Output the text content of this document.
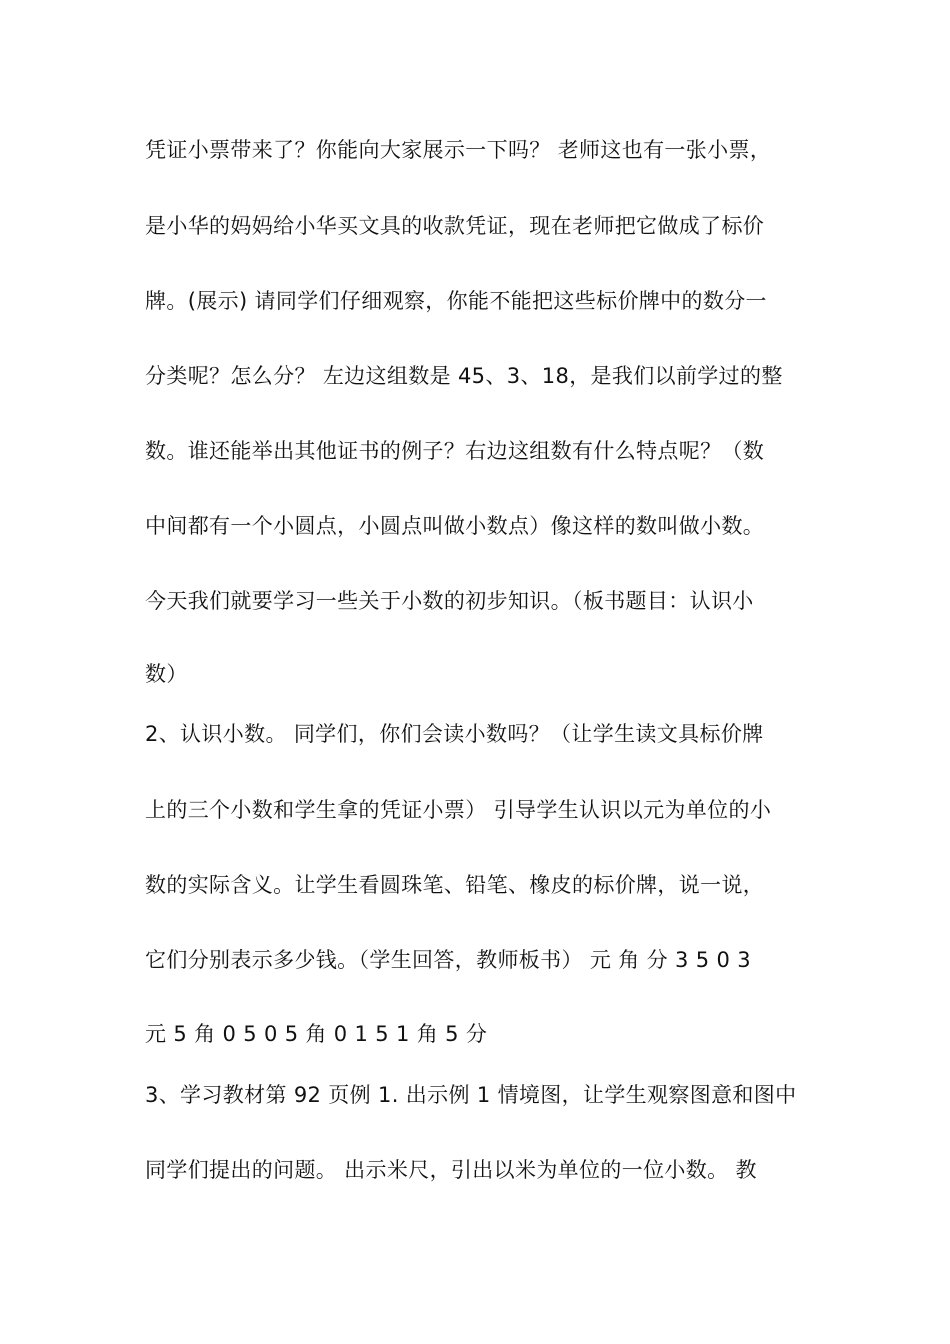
凭证小票带来了？你能向大家展示一下吗？ 老师这也有一张小票，
是小华的妈妈给小华买文具的收款凭证，现在老师把它做成了标价
牌。(展示) 请同学们仔细观察，你能不能把这些标价牌中的数分一
分类呢？怎么分？ 左边这组数是 45、3、18，是我们以前学过的整
数。谁还能举出其他证书的例子？右边这组数有什么特点呢？（数
中间都有一个小圆点，小圆点叫做小数点）像这样的数叫做小数。
今天我们就要学习一些关于小数的初步知识。（板书题目：认识小
数）
2、认识小数。 同学们，你们会读小数吗？（让学生读文具标价牌
上的三个小数和学生拿的凭证小票） 引导学生认识以元为单位的小
数的实际含义。让学生看圆珠笔、铅笔、橡皮的标价牌，说一说，
它们分别表示多少钱。（学生回答，教师板书） 元 角 分 3 5 0 3
元 5 角 0 5 0 5 角 0 1 5 1 角 5 分
3、学习教材第 92 页例 1. 出示例 1 情境图，让学生观察图意和图中
同学们提出的问题。 出示米尺，引出以米为单位的一位小数。 教
